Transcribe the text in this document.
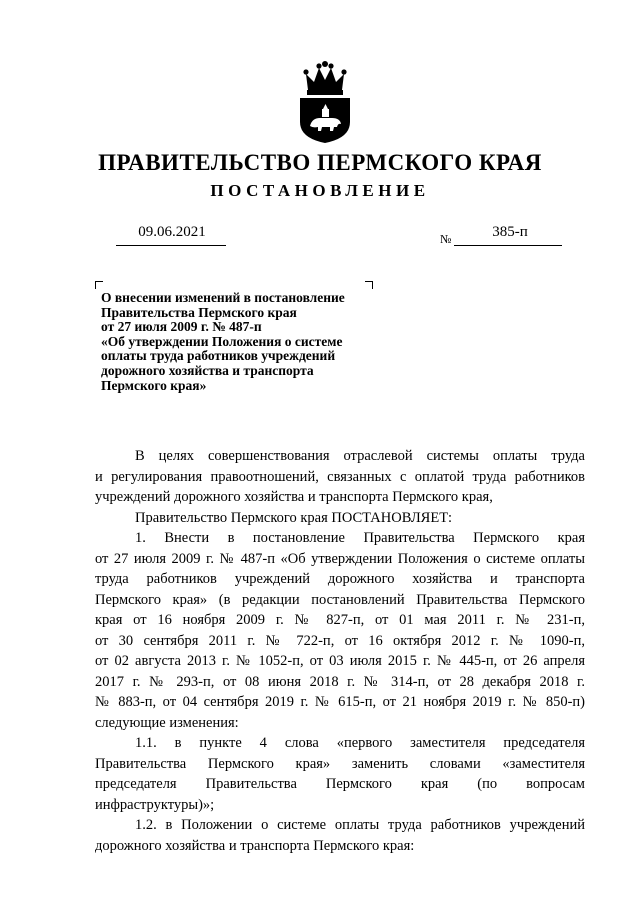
ПРАВИТЕЛЬСТВО ПЕРМСКОГО КРАЯ
ПОСТАНОВЛЕНИЕ
09.06.2021	№	385-п
О внесении изменений в постановление
Правительства Пермского края
от 27 июля 2009 г. № 487-п
«Об утверждении Положения о системе
оплаты труда работников учреждений
дорожного хозяйства и транспорта
Пермского края»

В целях совершенствования отраслевой системы оплаты труда

и регулирования правоотношений, связанных с оплатой труда работников

учреждений дорожного хозяйства и транспорта Пермского края,

Правительство Пермского края ПОСТАНОВЛЯЕТ:

1. Внести в постановление Правительства Пермского края

от 27 июля 2009 г. № 487-п «Об утверждении Положения о системе оплаты

труда работников учреждений дорожного хозяйства и транспорта

Пермского края» (в редакции постановлений Правительства Пермского

края от 16 ноября 2009 г. № 827-п, от 01 мая 2011 г. № 231-п,

от 30 сентября 2011 г. № 722-п, от 16 октября 2012 г. № 1090-п,

от 02 августа 2013 г. № 1052-п, от 03 июля 2015 г. № 445-п, от 26 апреля

2017 г. № 293-п, от 08 июня 2018 г. № 314-п, от 28 декабря 2018 г.

№ 883-п, от 04 сентября 2019 г. № 615-п, от 21 ноября 2019 г. № 850-п)

следующие изменения:

1.1. в пункте 4 слова «первого заместителя председателя

Правительства Пермского края» заменить словами «заместителя

председателя Правительства Пермского края (по вопросам

инфраструктуры)»;

1.2. в Положении о системе оплаты труда работников учреждений

дорожного хозяйства и транспорта Пермского края:
